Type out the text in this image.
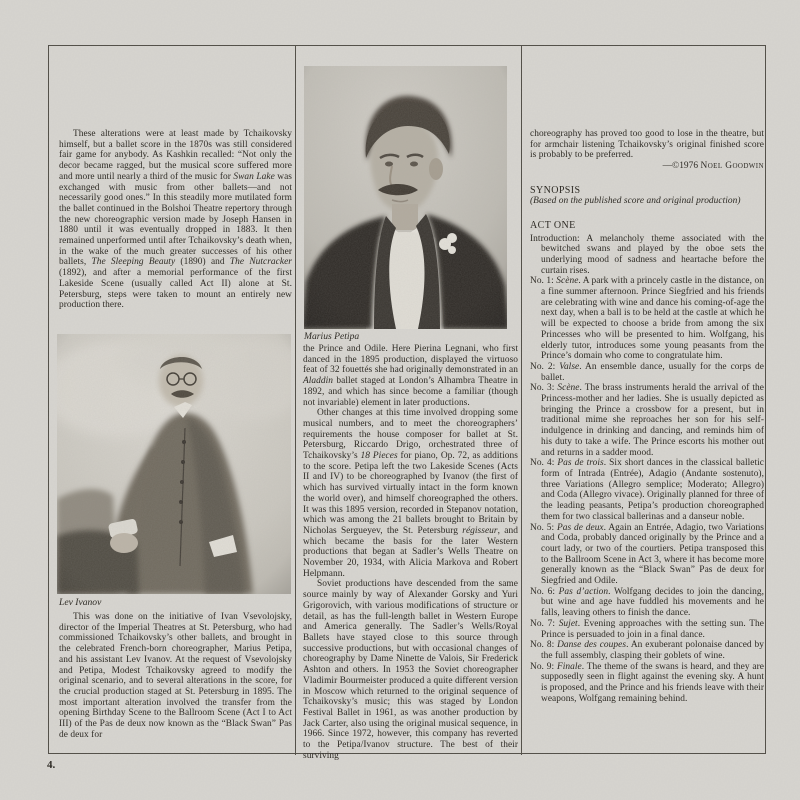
These alterations were at least made by Tchaikovsky himself, but a ballet score in the 1870s was still considered fair game for anybody. As Kashkin recalled: “Not only the decor became ragged, but the musical score suffered more and more until nearly a third of the music for Swan Lake was exchanged with music from other ballets—and not necessarily good ones.” In this steadily more mutilated form the ballet continued in the Bolshoi Theatre repertory through the new choreographic version made by Joseph Hansen in 1880 until it was eventually dropped in 1883. It then remained unperformed until after Tchaikovsky’s death when, in the wake of the much greater successes of his other ballets, The Sleeping Beauty (1890) and The Nutcracker (1892), and after a memorial performance of the first Lakeside Scene (usually called Act II) alone at St. Petersburg, steps were taken to mount an entirely new production there.

Lev Ivanov

This was done on the initiative of Ivan Vsevolojsky, director of the Imperial Theatres at St. Petersburg, who had commissioned Tchaikovsky’s other ballets, and brought in the celebrated French-born choreographer, Marius Petipa, and his assistant Lev Ivanov. At the request of Vsevolojsky and Petipa, Modest Tchaikovsky agreed to modify the original scenario, and to several alterations in the score, for the crucial production staged at St. Petersburg in 1895. The most important alteration involved the transfer from the opening Birthday Scene to the Ballroom Scene (Act I to Act III) of the Pas de deux now known as the “Black Swan” Pas de deux for

Marius Petipa

the Prince and Odile. Here Pierina Legnani, who first danced in the 1895 production, displayed the virtuoso feat of 32 fouettés she had originally demonstrated in an Aladdin ballet staged at London’s Alhambra Theatre in 1892, and which has since become a familiar (though not invariable) element in later productions.

Other changes at this time involved dropping some musical numbers, and to meet the choreographers’ requirements the house composer for ballet at St. Petersburg, Riccardo Drigo, orchestrated three of Tchaikovsky’s 18 Pieces for piano, Op. 72, as additions to the score. Petipa left the two Lakeside Scenes (Acts II and IV) to be choreographed by Ivanov (the first of which has survived virtually intact in the form known the world over), and himself choreographed the others. It was this 1895 version, recorded in Stepanov notation, which was among the 21 ballets brought to Britain by Nicholas Sergueyev, the St. Petersburg régisseur, and which became the basis for the later Western productions that began at Sadler’s Wells Theatre on November 20, 1934, with Alicia Markova and Robert Helpmann.

Soviet productions have descended from the same source mainly by way of Alexander Gorsky and Yuri Grigorovich, with various modifications of structure or detail, as has the full-length ballet in Western Europe and America generally. The Sadler’s Wells/Royal Ballets have stayed close to this source through successive productions, but with occasional changes of choreography by Dame Ninette de Valois, Sir Frederick Ashton and others. In 1953 the Soviet choreographer Vladimir Bourmeister produced a quite different version in Moscow which returned to the original sequence of Tchaikovsky’s music; this was staged by London Festival Ballet in 1961, as was another production by Jack Carter, also using the original musical sequence, in 1966. Since 1972, however, this company has reverted to the Petipa/Ivanov structure. The best of their surviving

choreography has proved too good to lose in the theatre, but for armchair listening Tchaikovsky’s original finished score is probably to be preferred.

—©1976 Noel Goodwin

SYNOPSIS

(Based on the published score and original production)

ACT ONE

Introduction: A melancholy theme associated with the bewitched swans and played by the oboe sets the underlying mood of sadness and heartache before the curtain rises.

No. 1: Scène. A park with a princely castle in the distance, on a fine summer afternoon. Prince Siegfried and his friends are celebrating with wine and dance his coming-of-age the next day, when a ball is to be held at the castle at which he will be expected to choose a bride from among the six Princesses who will be presented to him. Wolfgang, his elderly tutor, introduces some young peasants from the Prince’s domain who come to congratulate him.

No. 2: Valse. An ensemble dance, usually for the corps de ballet.

No. 3: Scène. The brass instruments herald the arrival of the Princess-mother and her ladies. She is usually depicted as bringing the Prince a crossbow for a present, but in traditional mime she reproaches her son for his self-indulgence in drinking and dancing, and reminds him of his duty to take a wife. The Prince escorts his mother out and returns in a sadder mood.

No. 4: Pas de trois. Six short dances in the classical balletic form of Intrada (Entrée), Adagio (Andante sostenuto), three Variations (Allegro semplice; Moderato; Allegro) and Coda (Allegro vivace). Originally planned for three of the leading peasants, Petipa’s production choreographed them for two classical ballerinas and a danseur noble.

No. 5: Pas de deux. Again an Entrée, Adagio, two Variations and Coda, probably danced originally by the Prince and a court lady, or two of the courtiers. Petipa transposed this to the Ballroom Scene in Act 3, where it has become more generally known as the “Black Swan” Pas de deux for Siegfried and Odile.

No. 6: Pas d’action. Wolfgang decides to join the dancing, but wine and age have fuddled his movements and he falls, leaving others to finish the dance.

No. 7: Sujet. Evening approaches with the setting sun. The Prince is persuaded to join in a final dance.

No. 8: Danse des coupes. An exuberant polonaise danced by the full assembly, clasping their goblets of wine.

No. 9: Finale. The theme of the swans is heard, and they are supposedly seen in flight against the evening sky. A hunt is proposed, and the Prince and his friends leave with their weapons, Wolfgang remaining behind.

4.
